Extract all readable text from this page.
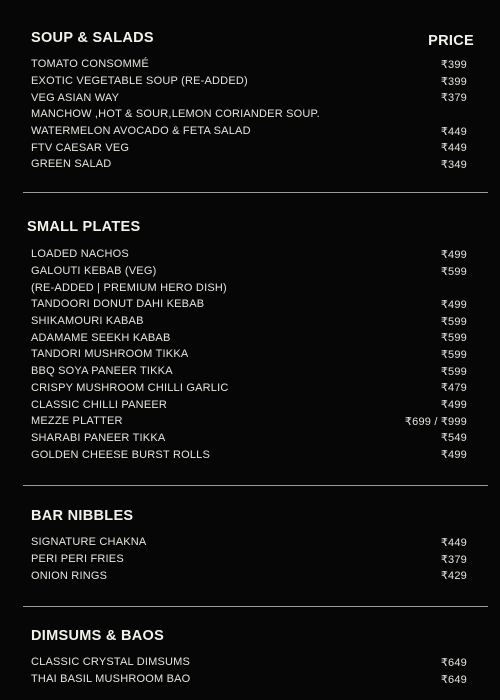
SOUP & SALADS	PRICE
TOMATO CONSOMMÉ	₹399
EXOTIC VEGETABLE SOUP (RE-ADDED)	₹399
VEG ASIAN WAY	₹379
MANCHOW ,HOT & SOUR,LEMON CORIANDER SOUP.
WATERMELON AVOCADO & FETA SALAD	₹449
FTV CAESAR VEG	₹449
GREEN SALAD	₹349
SMALL PLATES
LOADED NACHOS	₹499
GALOUTI KEBAB (VEG)	₹599
(RE-ADDED | PREMIUM HERO DISH)
TANDOORI DONUT DAHI KEBAB	₹499
SHIKAMOURI KABAB	₹599
ADAMAME SEEKH KABAB	₹599
TANDORI MUSHROOM TIKKA	₹599
BBQ SOYA PANEER TIKKA	₹599
CRISPY MUSHROOM CHILLI GARLIC	₹479
CLASSIC CHILLI PANEER	₹499
MEZZE PLATTER	₹699 / ₹999
SHARABI PANEER TIKKA	₹549
GOLDEN CHEESE BURST ROLLS	₹499
BAR NIBBLES
SIGNATURE CHAKNA	₹449
PERI PERI FRIES	₹379
ONION RINGS	₹429
DIMSUMS & BAOS
CLASSIC CRYSTAL DIMSUMS	₹649
THAI BASIL MUSHROOM BAO	₹649
